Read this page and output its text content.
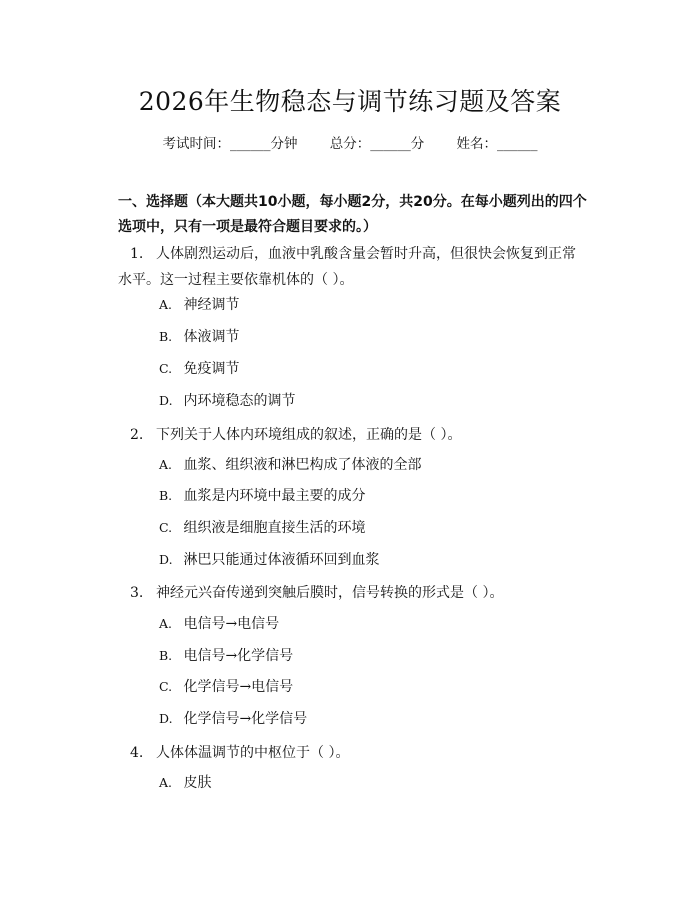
2026年生物稳态与调节练习题及答案
考试时间：______分钟 总分：______分 姓名：______
一、选择题（本大题共10小题，每小题2分，共20分。在每小题列出的四个选项中，只有一项是最符合题目要求的。）
1. 人体剧烈运动后，血液中乳酸含量会暂时升高，但很快会恢复到正常水平。这一过程主要依靠机体的（ ）。
A. 神经调节
B. 体液调节
C. 免疫调节
D. 内环境稳态的调节
2. 下列关于人体内环境组成的叙述，正确的是（ ）。
A. 血浆、组织液和淋巴构成了体液的全部
B. 血浆是内环境中最主要的成分
C. 组织液是细胞直接生活的环境
D. 淋巴只能通过体液循环回到血浆
3. 神经元兴奋传递到突触后膜时，信号转换的形式是（ ）。
A. 电信号→电信号
B. 电信号→化学信号
C. 化学信号→电信号
D. 化学信号→化学信号
4. 人体体温调节的中枢位于（ ）。
A. 皮肤
